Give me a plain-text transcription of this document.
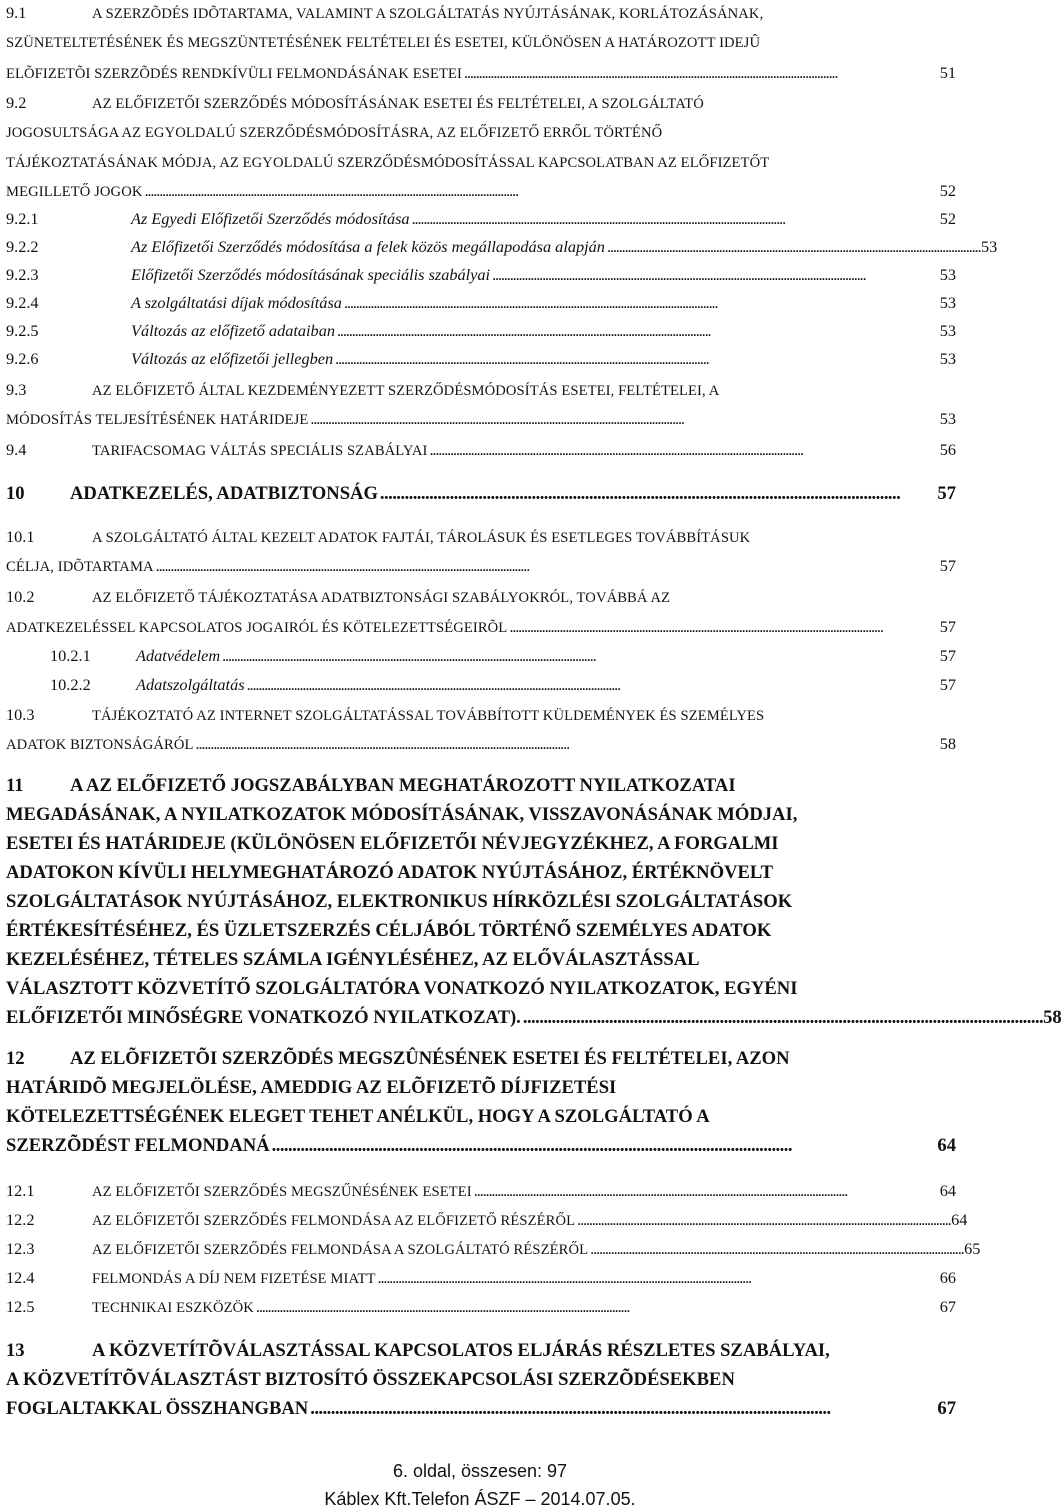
9.1	A SZERZÕDÉS IDÕTARTAMA, VALAMINT A SZOLGÁLTATÁS NYÚJTÁSÁNAK, KORLÁTOZÁSÁNAK,
SZÜNETELTETÉSÉNEK ÉS MEGSZÜNTETÉSÉNEK FELTÉTELEI ÉS ESETEI, KÜLÖNÖSEN A HATÁROZOTT IDEJÛ
ELÕFIZETÕI SZERZÕDÉS RENDKÍVÜLI FELMONDÁSÁNAK ESETEI . . .	51
9.2	AZ ELŐFIZETŐI SZERZŐDÉS MÓDOSÍTÁSÁNAK ESETEI ÉS FELTÉTELEI, A SZOLGÁLTATÓ
JOGOSULTSÁGA AZ EGYOLDALÚ SZERZŐDÉSMÓDOSÍTÁSRA, AZ ELŐFIZETŐ ERRŐL TÖRTÉNŐ
TÁJÉKOZTATÁSÁNAK MÓDJA, AZ EGYOLDALÚ SZERZŐDÉSMÓDOSÍTÁSSAL KAPCSOLATBAN AZ ELŐFIZETŐT
MEGILLETŐ JOGOK . . .	52
9.2.1	Az Egyedi Előfizetői Szerződés módosítása . . .	52
9.2.2	Az Előfizetői Szerződés módosítása a felek közös megállapodása alapján . . .	53
9.2.3	Előfizetői Szerződés módosításának speciális szabályai . . .	53
9.2.4	A szolgáltatási díjak módosítása . . .	53
9.2.5	Változás az előfizető adataiban . . .	53
9.2.6	Változás az előfizetői jellegben . . .	53
9.3	AZ ELŐFIZETŐ ÁLTAL KEZDEMÉNYEZETT SZERZŐDÉSMÓDOSÍTÁS ESETEI, FELTÉTELEI, A
MÓDOSÍTÁS TELJESÍTÉSÉNEK HATÁRIDEJE . . .	53
9.4	TARIFACSOMAG VÁLTÁS SPECIÁLIS SZABÁLYAI . . .	56
10	ADATKEZELÉS, ADATBIZTONSÁG . . .	57
10.1	A SZOLGÁLTATÓ ÁLTAL KEZELT ADATOK FAJTÁI, TÁROLÁSUK ÉS ESETLEGES TOVÁBBÍTÁSUK
CÉLJA, IDÕTARTAMA . . .	57
10.2	AZ ELŐFIZETŐ TÁJÉKOZTATÁSA ADATBIZTONSÁGI SZABÁLYOKRÓL, TOVÁBBÁ AZ
ADATKEZELÉSSEL KAPCSOLATOS JOGAIRÓL ÉS KÖTELEZETTSÉGEIRÕL . . .	57
10.2.1	Adatvédelem . . .	57
10.2.2	Adatszolgáltatás . . .	57
10.3	TÁJÉKOZTATÓ AZ INTERNET SZOLGÁLTATÁSSAL TOVÁBBÍTOTT KÜLDEMÉNYEK ÉS SZEMÉLYES
ADATOK BIZTONSÁGÁRÓL . . .	58
11	A AZ ELŐFIZETŐ JOGSZABÁLYBAN MEGHATÁROZOTT NYILATKOZATAI
MEGADÁSÁNAK, A NYILATKOZATOK MÓDOSÍTÁSÁNAK, VISSZAVONÁSÁNAK MÓDJAI,
ESETEI ÉS HATÁRIDEJE (KÜLÖNÖSEN ELŐFIZETŐI NÉVJEGYZÉKHEZ, A FORGALMI
ADATOKON KÍVÜLI HELYMEGHATÁROZÓ ADATOK NYÚJTÁSÁHOZ, ÉRTÉKNÖVELT
SZOLGÁLTATÁSOK NYÚJTÁSÁHOZ, ELEKTRONIKUS HÍRKÖZLÉSI SZOLGÁLTATÁSOK
ÉRTÉKESÍTÉSÉHEZ, ÉS ÜZLETSZERZÉS CÉLJÁBÓL TÖRTÉNŐ SZEMÉLYES ADATOK
KEZELÉSÉHEZ, TÉTELES SZÁMLA IGÉNYLÉSÉHEZ, AZ ELŐVÁLASZTÁSSAL
VÁLASZTOTT KÖZVETÍTŐ SZOLGÁLTATÓRA VONATKOZÓ NYILATKOZATOK, EGYÉNI
ELŐFIZETŐI MINŐSÉGRE VONATKOZÓ NYILATKOZAT). . . .	58
12	AZ ELÕFIZETÕI SZERZÕDÉS MEGSZÛNÉSÉNEK ESETEI ÉS FELTÉTELEI, AZON
HATÁRIDÕ MEGJELÖLÉSE, AMEDDIG AZ ELÕFIZETÕ DÍJFIZETÉSI
KÖTELEZETTSÉGÉNEK ELEGET TEHET ANÉLKÜL, HOGY A SZOLGÁLTATÓ A
SZERZÕDÉST FELMONDANÁ . . .	64
12.1	AZ ELŐFIZETŐI SZERZŐDÉS MEGSZŰNÉSÉNEK ESETEI . . .	64
12.2	AZ ELŐFIZETŐI SZERZŐDÉS FELMONDÁSA AZ ELŐFIZETŐ RÉSZÉRŐL . . .	64
12.3	AZ ELŐFIZETŐI SZERZŐDÉS FELMONDÁSA A SZOLGÁLTATÓ RÉSZÉRŐL . . .	65
12.4	FELMONDÁS A DÍJ NEM FIZETÉSE MIATT . . .	66
12.5	TECHNIKAI ESZKÖZÖK . . .	67
13	A KÖZVETÍTÕVÁLASZTÁSSAL KAPCSOLATOS ELJÁRÁS RÉSZLETES SZABÁLYAI,
A KÖZVETÍTÕVÁLASZTÁST BIZTOSÍTÓ ÖSSZEKAPCSOLÁSI SZERZÕDÉSEKBEN
FOGLALTAKKAL ÖSSZHANGBAN . . .	67
6. oldal, összesen: 97
Káblex Kft.Telefon ÁSZF – 2014.07.05.
